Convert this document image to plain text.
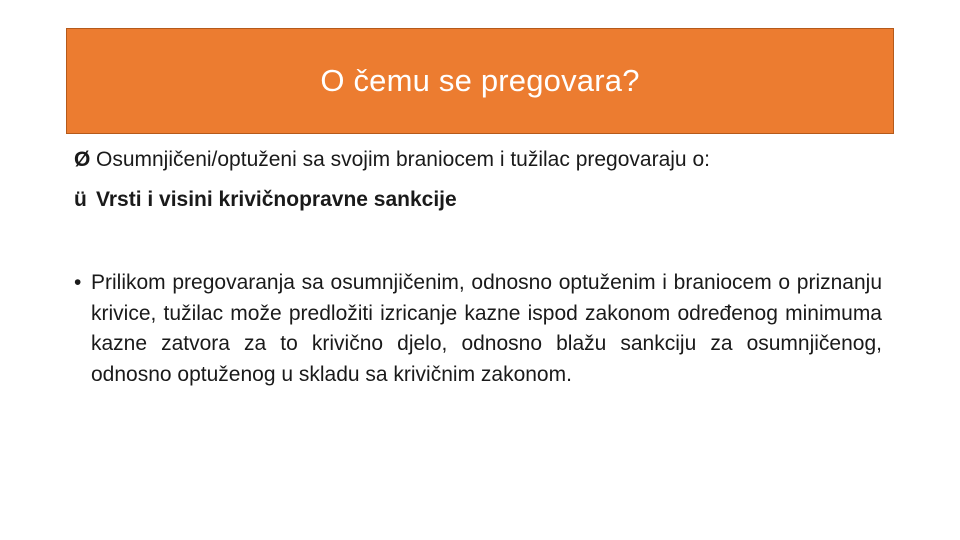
O čemu se pregovara?
Ø Osumnjičeni/optuženi sa svojim braniocem i tužilac pregovaraju o:
ü Vrsti i visini krivičnopravne sankcije
• Prilikom pregovaranja sa osumnjičenim, odnosno optuženim i braniocem o priznanju krivice, tužilac može predložiti izricanje kazne ispod zakonom određenog minimuma kazne zatvora za to krivično djelo, odnosno blažu sankciju za osumnjičenog, odnosno optuženog u skladu sa krivičnim zakonom.
